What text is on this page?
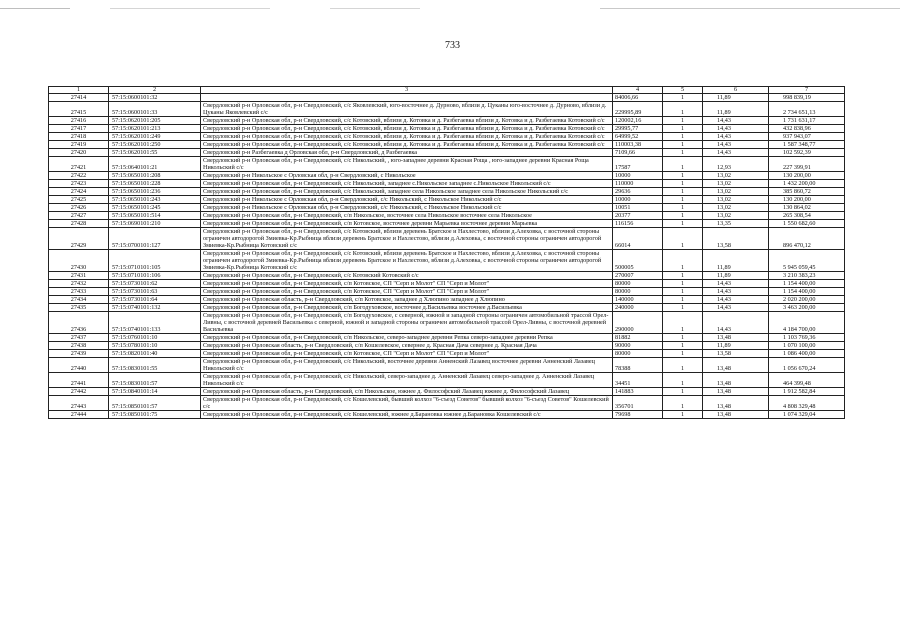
733
1	2	3	4	5	6	7
27414	57:15:0600101:32		84006,66	1	11,89	998 839,19
27415	57:15:0600101:33	Свердловский р-н Орловская обл, р-н Свердловский, с/с Яковлевский, юго-восточнее д. Дурново, вблизи д. Цуканы юго-восточнее д. Дурново, вблизи д. Цуканы Яковлевский с/с	229995,89	1	11,89	2 734 651,13
27416	57:15:0620101:205	Свердловский р-н Орловская обл, р-н Свердловский, с/с Котовский, вблизи д. Котовка и д. Разбегаевка вблизи д. Котовка и д. Разбегаевка Котовский с/с	120002,16	1	14,43	1 731 631,17
27417	57:15:0620101:213	Свердловский р-н Орловская обл, р-н Свердловский, с/с Котовский, вблизи д. Котовка и д. Разбегаевка вблизи д. Котовка и д. Разбегаевка Котовский с/с	29995,77	1	14,43	432 838,96
27418	57:15:0620101:249	Свердловский р-н Орловская обл, р-н Свердловский, с/с Котовский, вблизи д. Котовка и д. Разбегаевка вблизи д. Котовка и д. Разбегаевка Котовский с/с	64999,52	1	14,43	937 943,07
27419	57:15:0620101:250	Свердловский р-н Орловская обл, р-н Свердловский, с/с Котовский, вблизи д. Котовка и д. Разбегаевка вблизи д. Котовка и д. Разбегаевка Котовский с/с	110003,38	1	14,43	1 587 348,77
27420	57:15:0620101:55	Свердловский р-н Разбегаевка д Орловская обл, р-н Свердловский, д Разбегаевка	7109,66	1	14,43	102 592,39
27421	57:15:0640101:21	Свердловский р-н Орловская обл, р-н Свердловский, с/с Никольский, , юго-западнее деревни Красная Роща , юго-западнее деревни Красная Роща Никольский с/с	17587	1	12,93	227 399,91
27422	57:15:0650101:208	Свердловский р-н Никольское с Орловская обл, р-н Свердловский, с Никольское	10000	1	13,02	130 200,00
27423	57:15:0650101:228	Свердловский р-н Орловская обл, р-н Свердловский, с/с Никольский, западнее с.Никольское западнее с.Никольское Никольский с/с	110000	1	13,02	1 432 200,00
27424	57:15:0650101:236	Свердловский р-н Орловская обл, р-н Свердловский, с/с Никольский, западнее села Никольское западнее села Никольское Никольский с/с	29636	1	13,02	385 860,72
27425	57:15:0650101:243	Свердловский р-н Никольское с Орловская обл, р-н Свердловский, с/с Никольский, с Никольское Никольский с/с	10000	1	13,02	130 200,00
27426	57:15:0650101:245	Свердловский р-н Никольское с Орловская обл, р-н Свердловский, с/с Никольский, с Никольское Никольский с/с	10051	1	13,02	130 864,02
27427	57:15:0650101:514	Свердловский р-н Орловская обл, р-н Свердловский, с/п Никольское, восточнее села Никольское восточнее села Никольское	20377	1	13,02	265 308,54
27428	57:15:0690101:210	Свердловский р-н Орловская обл, р-н Свердловский, с/п Котовское, восточнее деревни Марьевка восточнее деревни Марьевка	116156	1	13,35	1 550 682,60
27429	57:15:0700101:127	Свердловский р-н Орловская обл, р-н Свердловский, с/с Котовский, вблизи деревень Братское и Нахлестово, вблизи д.Алеховка, с восточной стороны ограничен автодорогой Змиевка-Кр.Рыбница вблизи деревень Братское и Нахлестово, вблизи д.Алеховка, с восточной стороны ограничен автодорогой Змиевка-Кр.Рыбница Котовский с/с	66014	1	13,58	896 470,12
27430	57:15:0710101:105	Свердловский р-н Орловская обл, р-н Свердловский, с/с Котовский, вблизи деревень Братское и Нахлестово, вблизи д.Алеховка, с восточной стороны ограничен автодорогой Змиевка-Кр.Рыбница вблизи деревень Братское и Нахлестово, вблизи д.Алеховка, с восточной стороны ограничен автодорогой Змиевка-Кр.Рыбница Котовский с/с	500005	1	11,89	5 945 059,45
27431	57:15:0710101:106	Свердловский р-н Орловская обл, р-н Свердловский, с/с Котовский Котовский с/с	270007	1	11,89	3 210 383,23
27432	57:15:0730101:62	Свердловский р-н Орловская обл, р-н Свердловский, с/п Котовское, СП "Серп и Молот" СП "Серп и Молот"	80000	1	14,43	1 154 400,00
27433	57:15:0730101:63	Свердловский р-н Орловская обл, р-н Свердловский, с/п Котовское, СП "Серп и Молот" СП "Серп и Молот"	80000	1	14,43	1 154 400,00
27434	57:15:0730101:64	Свердловский р-н Орловская область, р-н Свердловский, с/п Котовское, западнее д Хлюпино западнее д Хлюпино	140000	1	14,43	2 020 200,00
27435	57:15:0740101:132	Свердловский р-н Орловская обл, р-н Свердловский, с/п Богодуховское, восточнее д.Васильевка восточнее д.Васильевка	240000	1	14,43	3 463 200,00
27436	57:15:0740101:133	Свердловский р-н Орловская обл, р-н Свердловский, с/п Богодуховское, с северной, южной и западной стороны ограничен автомобильной трассой Орел-Ливны, с восточной деревней Васильевка с северной, южной и западной стороны ограничен автомобильной трассой Орел-Ливны, с восточной деревней Васильевка	290000	1	14,43	4 184 700,00
27437	57:15:0760101:10	Свердловский р-н Орловская обл, р-н Свердловский, с/п Никольское, северо-западнее деревни Репка северо-западнее деревни Репка	81882	1	13,48	1 103 769,36
27438	57:15:0780101:10	Свердловский р-н Орловская область, р-н Свердловский, с/п Кошелевское, севернее д. Красная Дача севернее д. Красная Дача	90000	1	11,89	1 070 100,00
27439	57:15:0820101:40	Свердловский р-н Орловская обл, р-н Свердловский, с/п Котовское, СП "Серп и Молот" СП "Серп и Молот"	80000	1	13,58	1 086 400,00
27440	57:15:0830101:55	Свердловский р-н Орловская обл, р-н Свердловский, с/с Никольский, восточнее деревни Анненский Лазавец восточнее деревни Анненский Лазавец Никольский с/с	78388	1	13,48	1 056 670,24
27441	57:15:0830101:57	Свердловский р-н Орловская обл, р-н Свердловский, с/с Никольский, северо-западнее д. Анненский Лазавец северо-западнее д. Анненский Лазавец Никольский с/с	34451	1	13,48	464 399,48
27442	57:15:0840101:14	Свердловский р-н Орловская область, р-н Свердловский, с/п Никольское, южнее д. Философский Лазавец южнее д. Философский Лазавец	141883	1	13,48	1 912 582,84
27443	57:15:0850101:57	Свердловский р-н Орловская обл, р-н Свердловский, с/с Кошелевский, бывший колхоз "6-съезд Советов" бывший колхоз "6-съезд Советов" Кошелевский с/с	356701	1	13,48	4 808 329,48
27444	57:15:0850101:75	Свердловский р-н Орловская обл, р-н Свердловский, с/с Кошелевский, южнее д.Барановка южнее д.Барановка Кошелевский с/с	79698	1	13,48	1 074 329,04
